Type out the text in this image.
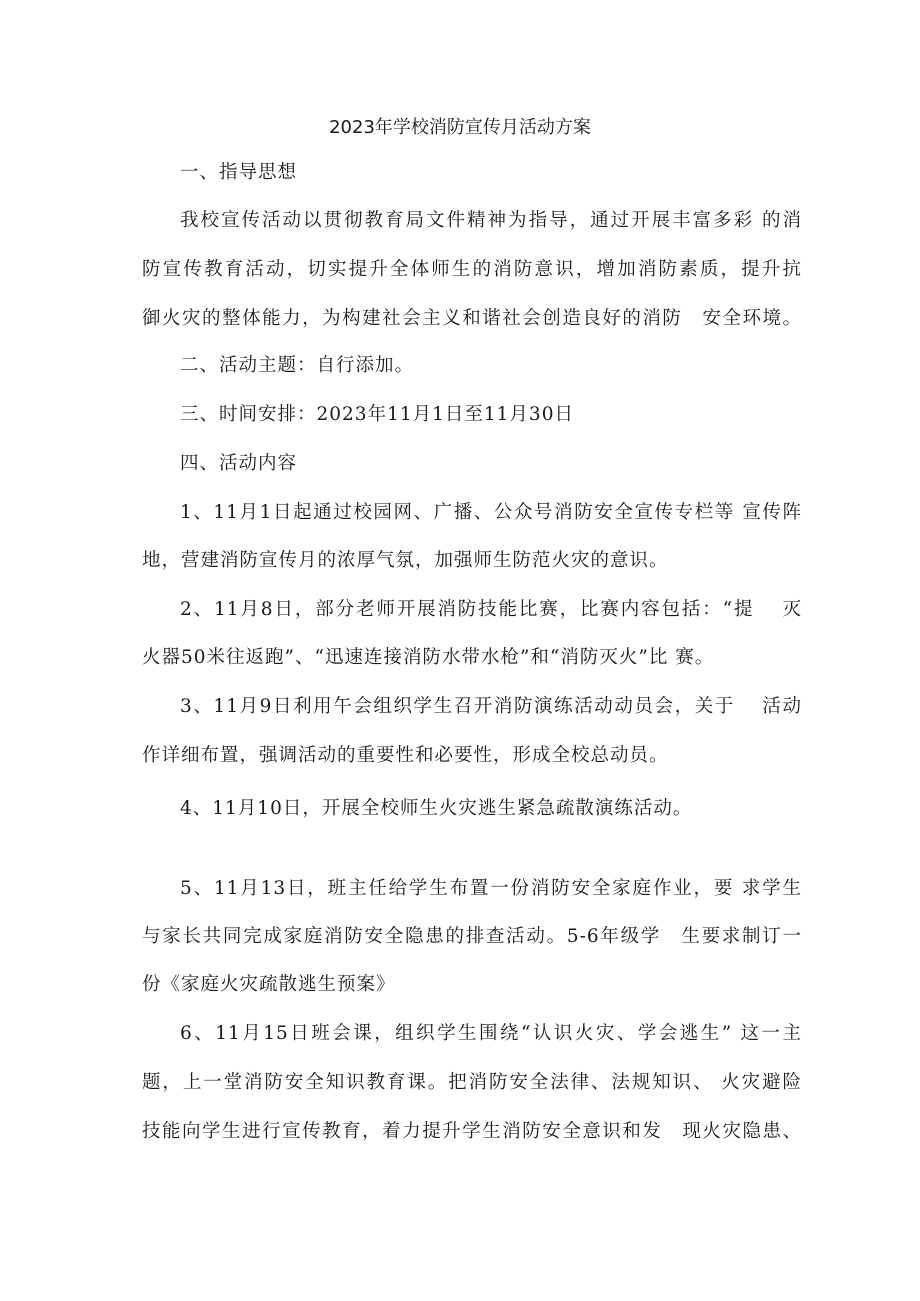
2023年学校消防宣传月活动方案
一、指导思想
我校宣传活动以贯彻教育局文件精神为指导，通过开展丰富多彩 的消
防宣传教育活动，切实提升全体师生的消防意识，增加消防素质，提升抗
御火灾的整体能力，为构建社会主义和谐社会创造良好的消防　安全环境。
二、活动主题：自行添加。
三、时间安排：2023年11月1日至11月30日
四、活动内容
1、11月1日起通过校园网、广播、公众号消防安全宣传专栏等 宣传阵
地，营建消防宣传月的浓厚气氛，加强师生防范火灾的意识。
2、11月8日，部分老师开展消防技能比赛，比赛内容包括：“提　 灭
火器50米往返跑”、“迅速连接消防水带水枪”和“消防灭火”比 赛。
3、11月9日利用午会组织学生召开消防演练活动动员会，关于　 活动
作详细布置，强调活动的重要性和必要性，形成全校总动员。
4、11月10日，开展全校师生火灾逃生紧急疏散演练活动。
5、11月13日，班主任给学生布置一份消防安全家庭作业，要 求学生
与家长共同完成家庭消防安全隐患的排查活动。5-6年级学　生要求制订一
份《家庭火灾疏散逃生预案》
6、11月15日班会课，组织学生围绕“认识火灾、学会逃生” 这一主
题，上一堂消防安全知识教育课。把消防安全法律、法规知识、 火灾避险
技能向学生进行宣传教育，着力提升学生消防安全意识和发　现火灾隐患、
